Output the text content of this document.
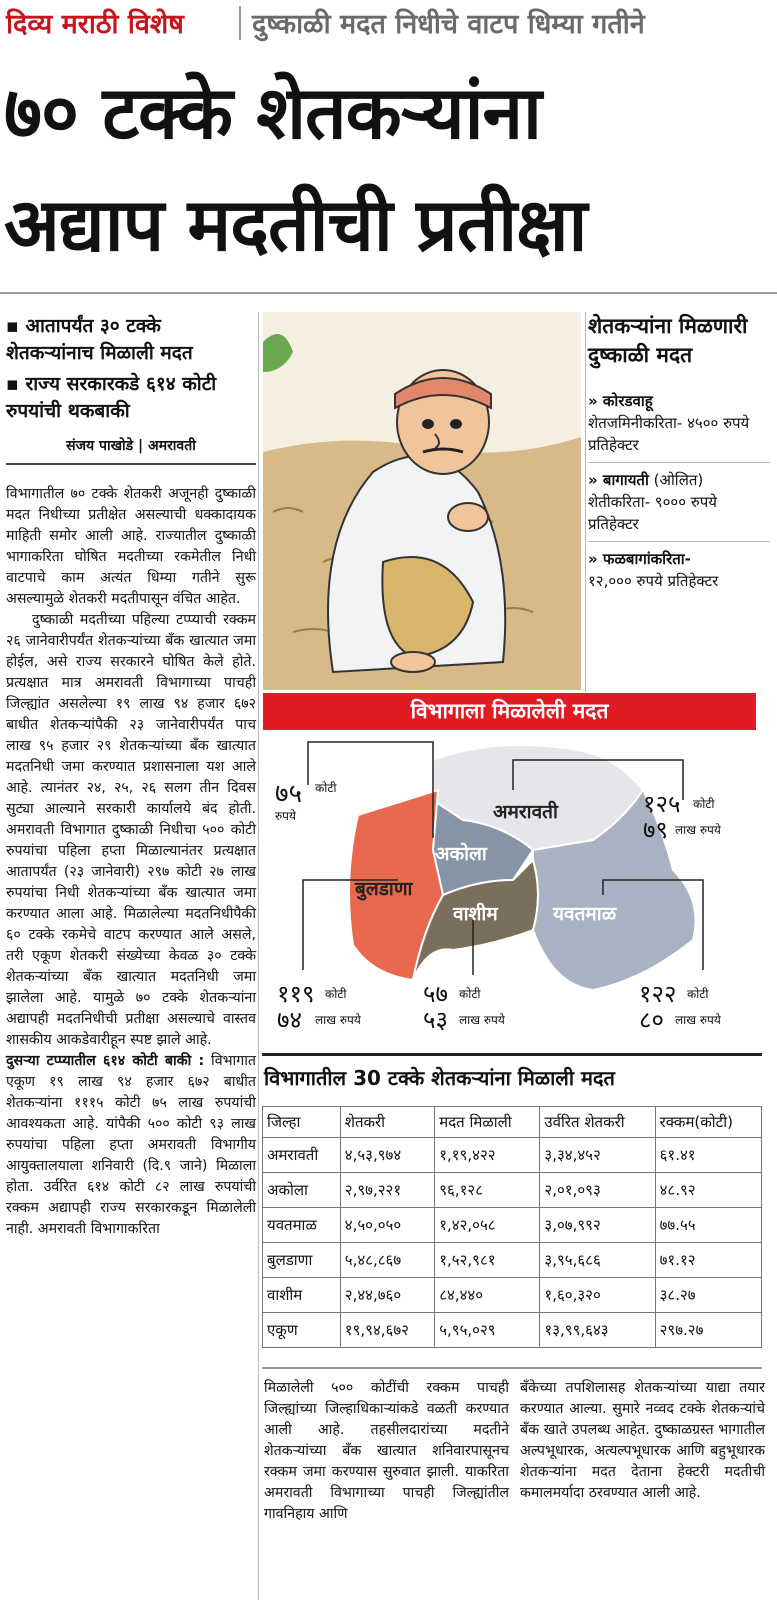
दिव्य मराठी विशेष	दुष्काळी मदत निधीचे वाटप धिम्या गतीने
७० टक्के शेतकऱ्यांना
अद्याप मदतीची प्रतीक्षा
▪ आतापर्यंत ३० टक्के शेतकऱ्यांनाच मिळाली मदत
▪ राज्य सरकारकडे ६१४ कोटी रुपयांची थकबाकी
संजय पाखोडे | अमरावती

विभागातील ७० टक्के शेतकरी अजूनही दुष्काळी मदत निधीच्या प्रतीक्षेत असल्याची धक्कादायक माहिती समोर आली आहे. राज्यातील दुष्काळी भागाकरिता घोषित मदतीच्या रकमेतील निधी वाटपाचे काम अत्यंत धिम्या गतीने सुरू असल्यामुळे शेतकरी मदतीपासून वंचित आहेत.

दुष्काळी मदतीच्या पहिल्या टप्प्याची रक्कम २६ जानेवारीपर्यंत शेतकऱ्यांच्या बँक खात्यात जमा होईल, असे राज्य सरकारने घोषित केले होते. प्रत्यक्षात मात्र अमरावती विभागाच्या पाचही जिल्ह्यांत असलेल्या १९ लाख ९४ हजार ६७२ बाधीत शेतकऱ्यांपैकी २३ जानेवारीपर्यंत पाच लाख ९५ हजार २९ शेतकऱ्यांच्या बँक खात्यात मदतनिधी जमा करण्यात प्रशासनाला यश आले आहे. त्यानंतर २४, २५, २६ सलग तीन दिवस सुट्या आल्याने सरकारी कार्यालये बंद होती. अमरावती विभागात दुष्काळी निधीचा ५०० कोटी रुपयांचा पहिला हप्ता मिळाल्यानंतर प्रत्यक्षात आतापर्यंत (२३ जानेवारी) २९७ कोटी २७ लाख रुपयांचा निधी शेतकऱ्यांच्या बँक खात्यात जमा करण्यात आला आहे. मिळालेल्या मदतनिधीपैकी ६० टक्के रकमेचे वाटप करण्यात आले असले, तरी एकूण शेतकरी संख्येच्या केवळ ३० टक्के शेतकऱ्यांच्या बँक खात्यात मदतनिधी जमा झालेला आहे. यामुळे ७० टक्के शेतकऱ्यांना अद्यापही मदतनिधीची प्रतीक्षा असल्याचे वास्तव शासकीय आकडेवारीहून स्पष्ट झाले आहे.

दुसऱ्या टप्प्यातील ६१४ कोटी बाकी : विभागात एकूण १९ लाख ९४ हजार ६७२ बाधीत शेतकऱ्यांना १११५ कोटी ७५ लाख रुपयांची आवश्यकता आहे. यांपैकी ५०० कोटी ९३ लाख रुपयांचा पहिला हप्ता अमरावती विभागीय आयुक्तालयाला शनिवारी (दि.९ जाने) मिळाला होता. उर्वरित ६१४ कोटी ८२ लाख रुपयांची रक्कम अद्यापही राज्य सरकारकडून मिळालेली नाही. अमरावती विभागाकरिता

शेतकऱ्यांना मिळणारी दुष्काळी मदत
» कोरडवाहू
शेतजमिनीकरिता- ४५०० रुपये प्रतिहेक्टर
» बागायती (ओलित) शेतीकरिता- ९००० रुपये प्रतिहेक्टर
» फळबागांकरिता-
१२,००० रुपये प्रतिहेक्टर
विभागाला मिळालेली मदत
अमरावती
अकोला
बुलडाणा
वाशीम	यवतमाळ
७५ कोटी
रुपये	१२५ कोटी
७९ लाख रुपये
११९ कोटी
७४ लाख रुपये
५७ कोटी
५३ लाख रुपये
१२२ कोटी
८० लाख रुपये
विभागातील 30 टक्के शेतकऱ्यांना मिळाली मदत
जिल्हा	शेतकरी	मदत मिळाली	उर्वरित शेतकरी	रक्कम(कोटी)
अमरावती	४,५३,९७४	१,१९,४२२	३,३४,४५२	६१.४१
अकोला	२,९७,२२१	९६,१२८	२,०१,०९३	४८.९२
यवतमाळ	४,५०,०५०	१,४२,०५८	३,०७,९९२	७७.५५
बुलडाणा	५,४८,८६७	१,५२,९८१	३,९५,६८६	७१.१२
वाशीम	२,४४,७६०	८४,४४०	१,६०,३२०	३८.२७
एकूण	१९,९४,६७२	५,९५,०२९	१३,९९,६४३	२९७.२७

मिळालेली ५०० कोटींची रक्कम पाचही जिल्ह्यांच्या जिल्हाधिकाऱ्यांकडे वळती करण्यात आली आहे. तहसीलदारांच्या मदतीने शेतकऱ्यांच्या बँक खात्यात शनिवारपासूनच रक्कम जमा करण्यास सुरुवात झाली. याकरिता अमरावती विभागाच्या पाचही जिल्ह्यांतील गावनिहाय आणि

बँकेच्या तपशिलासह शेतकऱ्यांच्या याद्या तयार करण्यात आल्या. सुमारे नव्वद टक्के शेतकऱ्यांचे बँक खाते उपलब्ध आहेत. दुष्काळग्रस्त भागातील अल्पभूधारक, अत्यल्पभूधारक आणि बहुभूधारक शेतकऱ्यांना मदत देताना हेक्टरी मदतीची कमालमर्यादा ठरवण्यात आली आहे.
